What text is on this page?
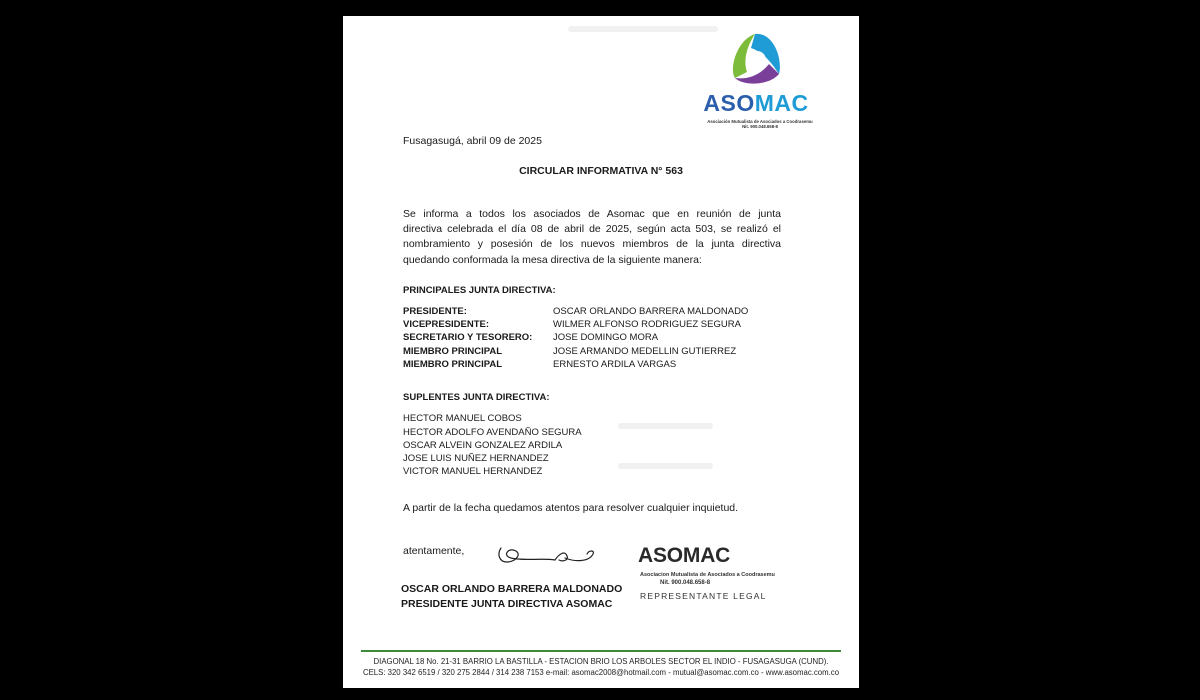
ASOMAC
Asociación Mutualista de Asociados a Coodrasemu
Nit. 900.048.658-8
Fusagasugá, abril 09 de 2025
CIRCULAR INFORMATIVA N° 563
Se informa a todos los asociados de Asomac que en reunión de junta
directiva celebrada el día 08 de abril de 2025, según acta 503, se realizó el
nombramiento y posesión de los nuevos miembros de la junta directiva
quedando conformada la mesa directiva de la siguiente manera:
PRINCIPALES JUNTA DIRECTIVA:
PRESIDENTE:	OSCAR ORLANDO BARRERA MALDONADO
VICEPRESIDENTE:	WILMER ALFONSO RODRIGUEZ SEGURA
SECRETARIO Y TESORERO: JOSE DOMINGO MORA
MIEMBRO PRINCIPAL	JOSE ARMANDO MEDELLIN GUTIERREZ
MIEMBRO PRINCIPAL	ERNESTO ARDILA VARGAS
SUPLENTES JUNTA DIRECTIVA:
HECTOR MANUEL COBOS
HECTOR ADOLFO AVENDAÑO SEGURA
OSCAR ALVEIN GONZALEZ ARDILA
JOSE LUIS NUÑEZ HERNANDEZ
VICTOR MANUEL HERNANDEZ
A partir de la fecha quedamos atentos para resolver cualquier inquietud.
atentamente,
OSCAR ORLANDO BARRERA MALDONADO
PRESIDENTE JUNTA DIRECTIVA ASOMAC
ASOMAC
Asociacion Mutualista de Asociados a Coodrasemu
Nit. 900.048.658-8
REPRESENTANTE LEGAL
DIAGONAL 18 No. 21-31 BARRIO LA BASTILLA - ESTACION BRIO LOS ARBOLES SECTOR EL INDIO - FUSAGASUGA (CUND).
CELS: 320 342 6519 / 320 275 2844 / 314 238 7153 e-mail: asomac2008@hotmail.com - mutual@asomac.com.co - www.asomac.com.co
